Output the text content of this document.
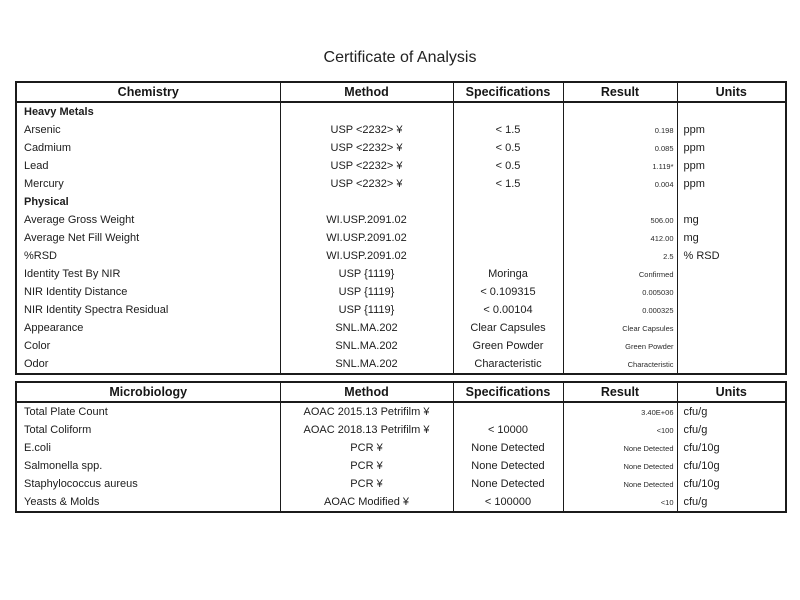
Certificate of Analysis
Chemistry	Method	Specifications	Result	Units
Heavy Metals				
Arsenic	USP <2232> ¥	< 1.5	0.198	ppm
Cadmium	USP <2232> ¥	< 0.5	0.085	ppm
Lead	USP <2232> ¥	< 0.5	1.119*	ppm
Mercury	USP <2232> ¥	< 1.5	0.004	ppm
Physical				
Average Gross Weight	WI.USP.2091.02		506.00	mg
Average Net Fill Weight	WI.USP.2091.02		412.00	mg
%RSD	WI.USP.2091.02		2.5	% RSD
Identity Test By NIR	USP {1119}	Moringa	Confirmed	
NIR Identity Distance	USP {1119}	< 0.109315	0.005030	
NIR Identity Spectra Residual	USP {1119}	< 0.00104	0.000325	
Appearance	SNL.MA.202	Clear Capsules	Clear Capsules	
Color	SNL.MA.202	Green Powder	Green Powder	
Odor	SNL.MA.202	Characteristic	Characteristic	
Microbiology	Method	Specifications	Result	Units
Total Plate Count	AOAC 2015.13 Petrifilm ¥		3.40E+06	cfu/g
Total Coliform	AOAC 2018.13 Petrifilm ¥	< 10000	<100	cfu/g
E.coli	PCR ¥	None Detected	None Detected	cfu/10g
Salmonella spp.	PCR ¥	None Detected	None Detected	cfu/10g
Staphylococcus aureus	PCR ¥	None Detected	None Detected	cfu/10g
Yeasts & Molds	AOAC Modified ¥	< 100000	<10	cfu/g
